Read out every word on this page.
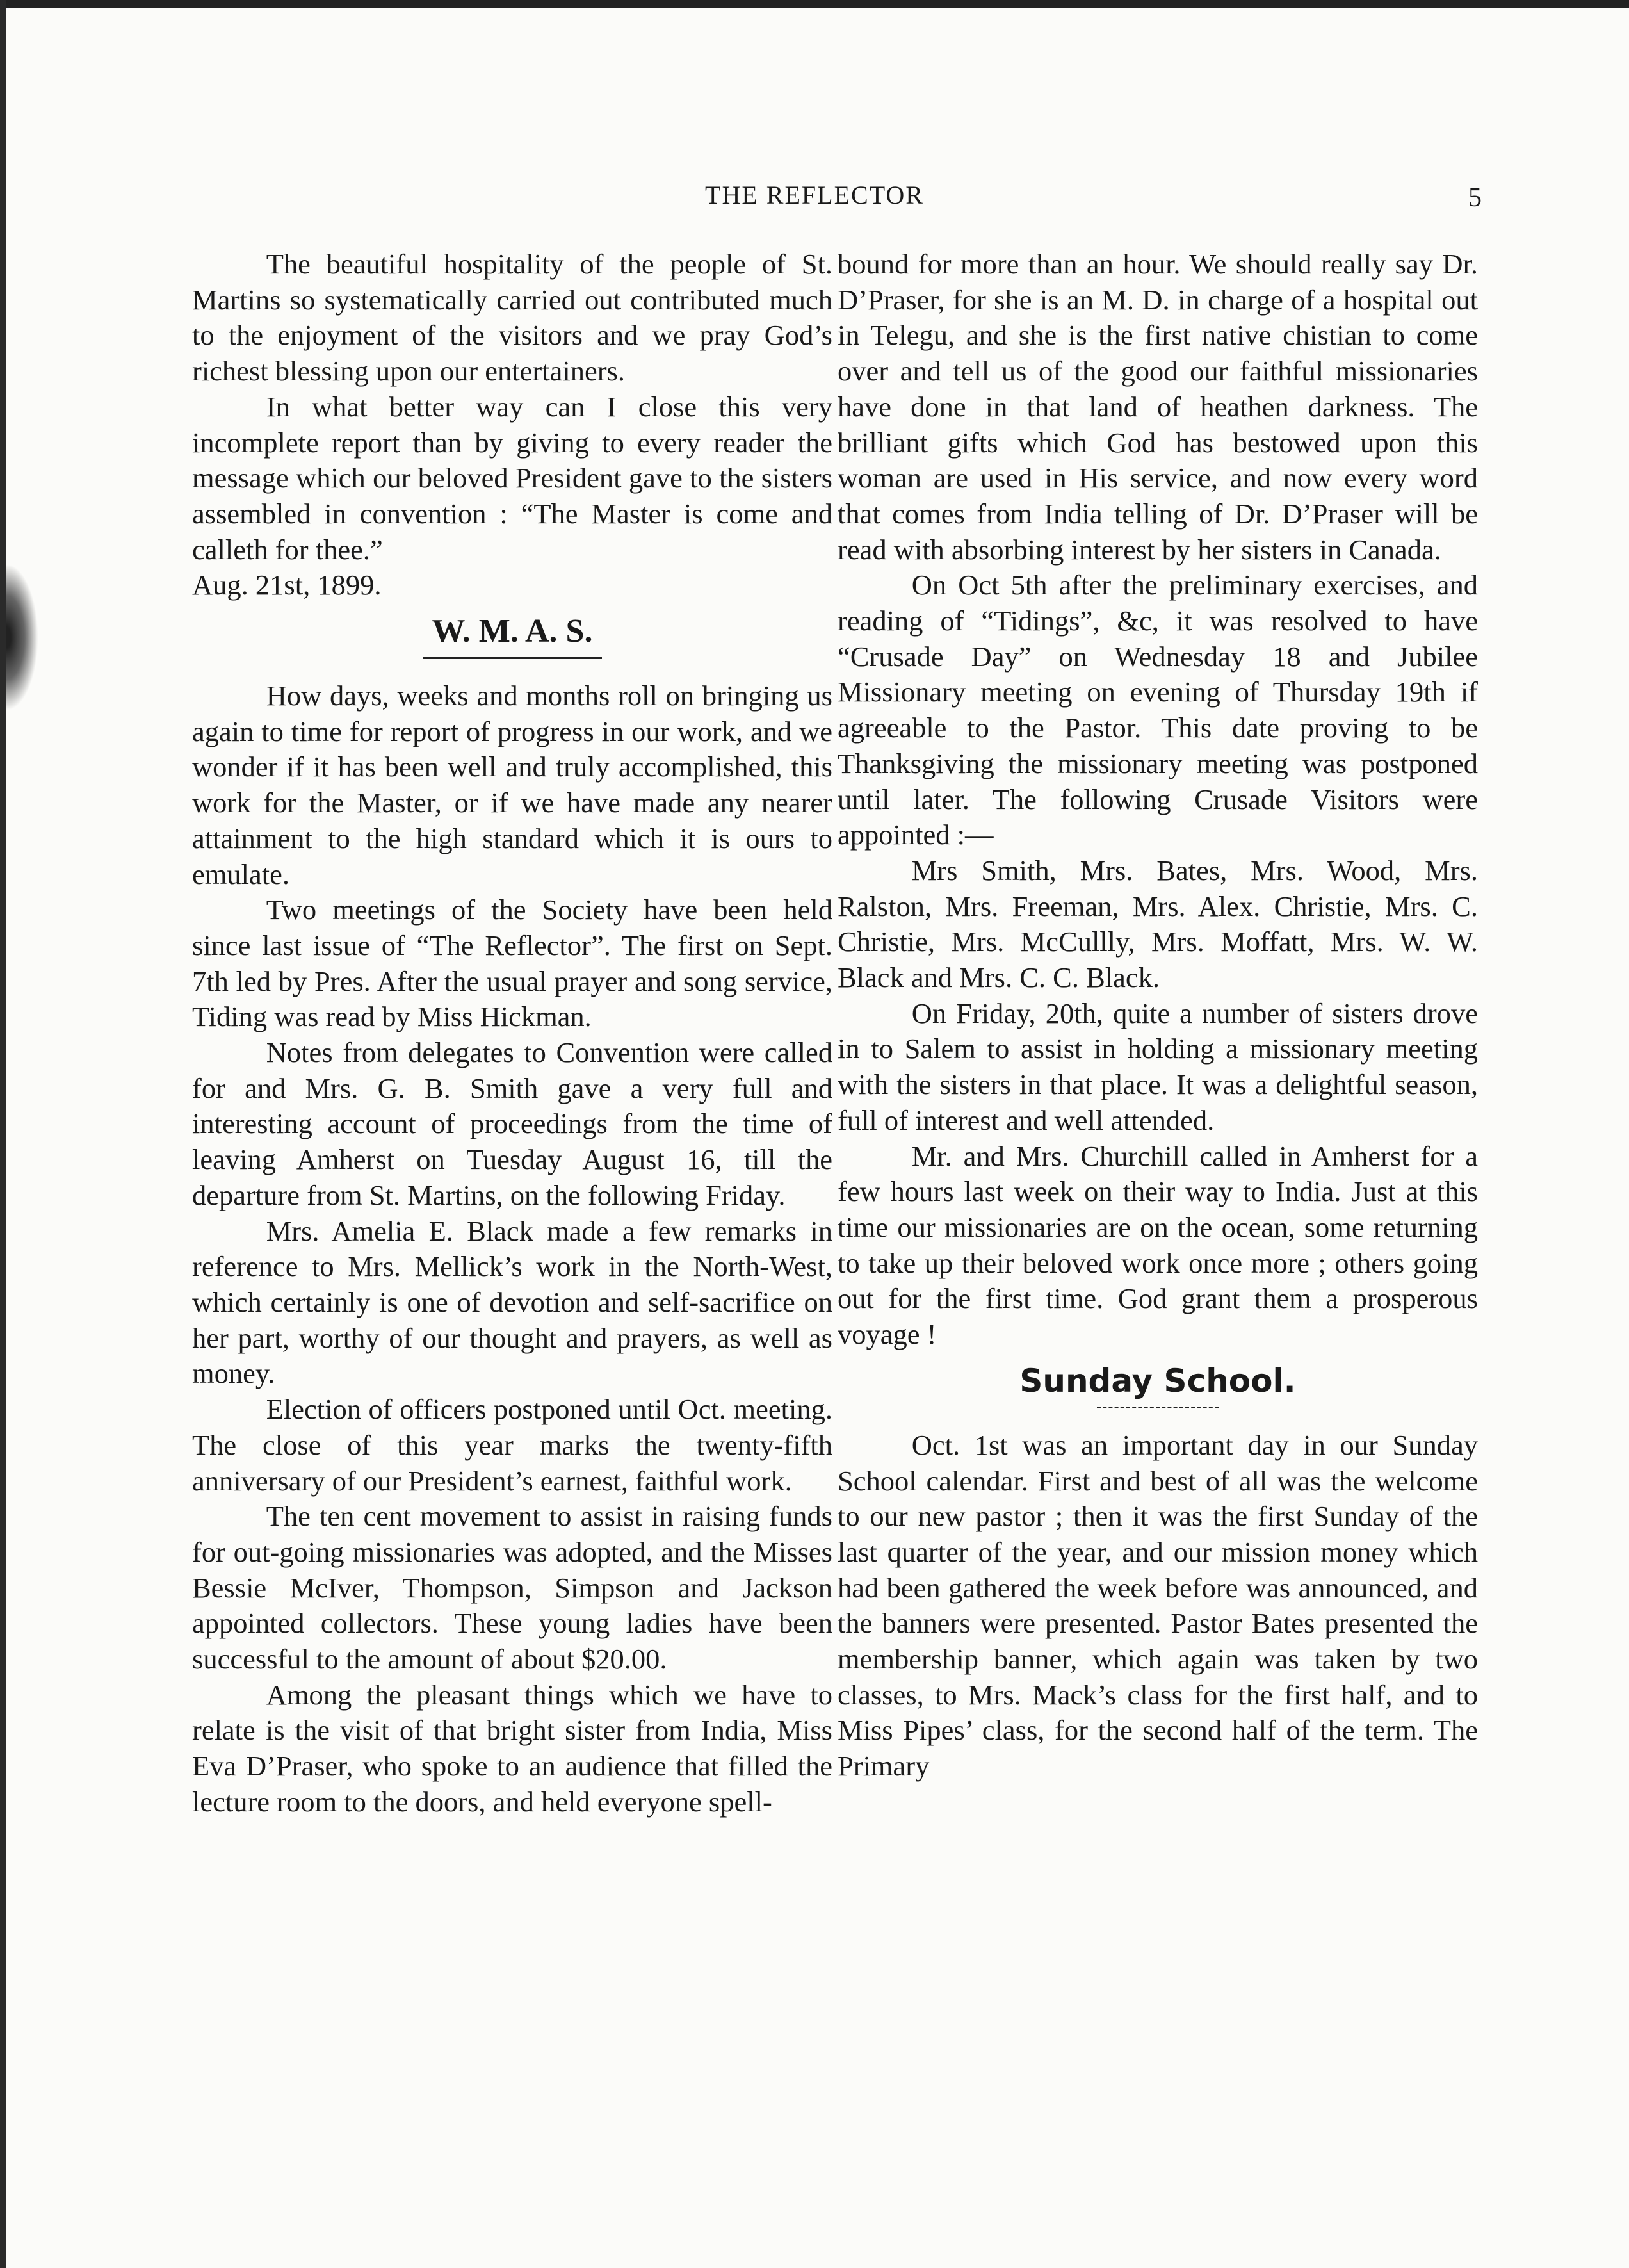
THE REFLECTOR	5

The beautiful hospitality of the people of St. Martins so systematically carried out contributed much to the enjoyment of the visitors and we pray God’s richest blessing upon our entertainers.

In what better way can I close this very incomplete report than by giving to every reader the message which our beloved President gave to the sisters assembled in convention : “The Master is come and calleth for thee.”

Aug. 21st, 1899.

W. M. A. S.

How days, weeks and months roll on bringing us again to time for report of progress in our work, and we wonder if it has been well and truly accomplished, this work for the Master, or if we have made any nearer attainment to the high standard which it is ours to emulate.

Two meetings of the Society have been held since last issue of “The Reflector”. The first on Sept. 7th led by Pres. After the usual prayer and song service, Tiding was read by Miss Hickman.

Notes from delegates to Convention were called for and Mrs. G. B. Smith gave a very full and interesting account of proceedings from the time of leaving Amherst on Tuesday August 16, till the departure from St. Martins, on the following Friday.

Mrs. Amelia E. Black made a few remarks in reference to Mrs. Mellick’s work in the North-West, which certainly is one of devotion and self-sacrifice on her part, worthy of our thought and prayers, as well as money.

Election of officers postponed until Oct. meeting. The close of this year marks the twenty-fifth anniversary of our President’s earnest, faithful work.

The ten cent movement to assist in raising funds for out-going missionaries was adopted, and the Misses Bessie McIver, Thompson, Simpson and Jackson appointed collectors. These young ladies have been successful to the amount of about $20.00.

Among the pleasant things which we have to relate is the visit of that bright sister from India, Miss Eva D’Praser, who spoke to an audience that filled the lecture room to the doors, and held everyone spell-

bound for more than an hour. We should really say Dr. D’Praser, for she is an M. D. in charge of a hospital out in Telegu, and she is the first native chistian to come over and tell us of the good our faithful missionaries have done in that land of heathen darkness. The brilliant gifts which God has bestowed upon this woman are used in His service, and now every word that comes from India telling of Dr. D’Praser will be read with absorbing interest by her sisters in Canada.

On Oct 5th after the preliminary exercises, and reading of “Tidings”, &c, it was resolved to have “Crusade Day” on Wednesday 18 and Jubilee Missionary meeting on evening of Thursday 19th if agreeable to the Pastor. This date proving to be Thanksgiving the missionary meeting was postponed until later. The following Crusade Visitors were appointed :—

Mrs Smith, Mrs. Bates, Mrs. Wood, Mrs. Ralston, Mrs. Freeman, Mrs. Alex. Christie, Mrs. C. Christie, Mrs. McCullly, Mrs. Moffatt, Mrs. W. W. Black and Mrs. C. C. Black.

On Friday, 20th, quite a number of sisters drove in to Salem to assist in holding a missionary meeting with the sisters in that place. It was a delightful season, full of interest and well attended.

Mr. and Mrs. Churchill called in Amherst for a few hours last week on their way to India. Just at this time our missionaries are on the ocean, some returning to take up their beloved work once more ; others going out for the first time. God grant them a prosperous voyage !

Sunday School.

Oct. 1st was an important day in our Sunday School calendar. First and best of all was the welcome to our new pastor ; then it was the first Sunday of the last quarter of the year, and our mission money which had been gathered the week before was announced, and the banners were presented. Pastor Bates presented the membership banner, which again was taken by two classes, to Mrs. Mack’s class for the first half, and to Miss Pipes’ class, for the second half of the term. The Primary
